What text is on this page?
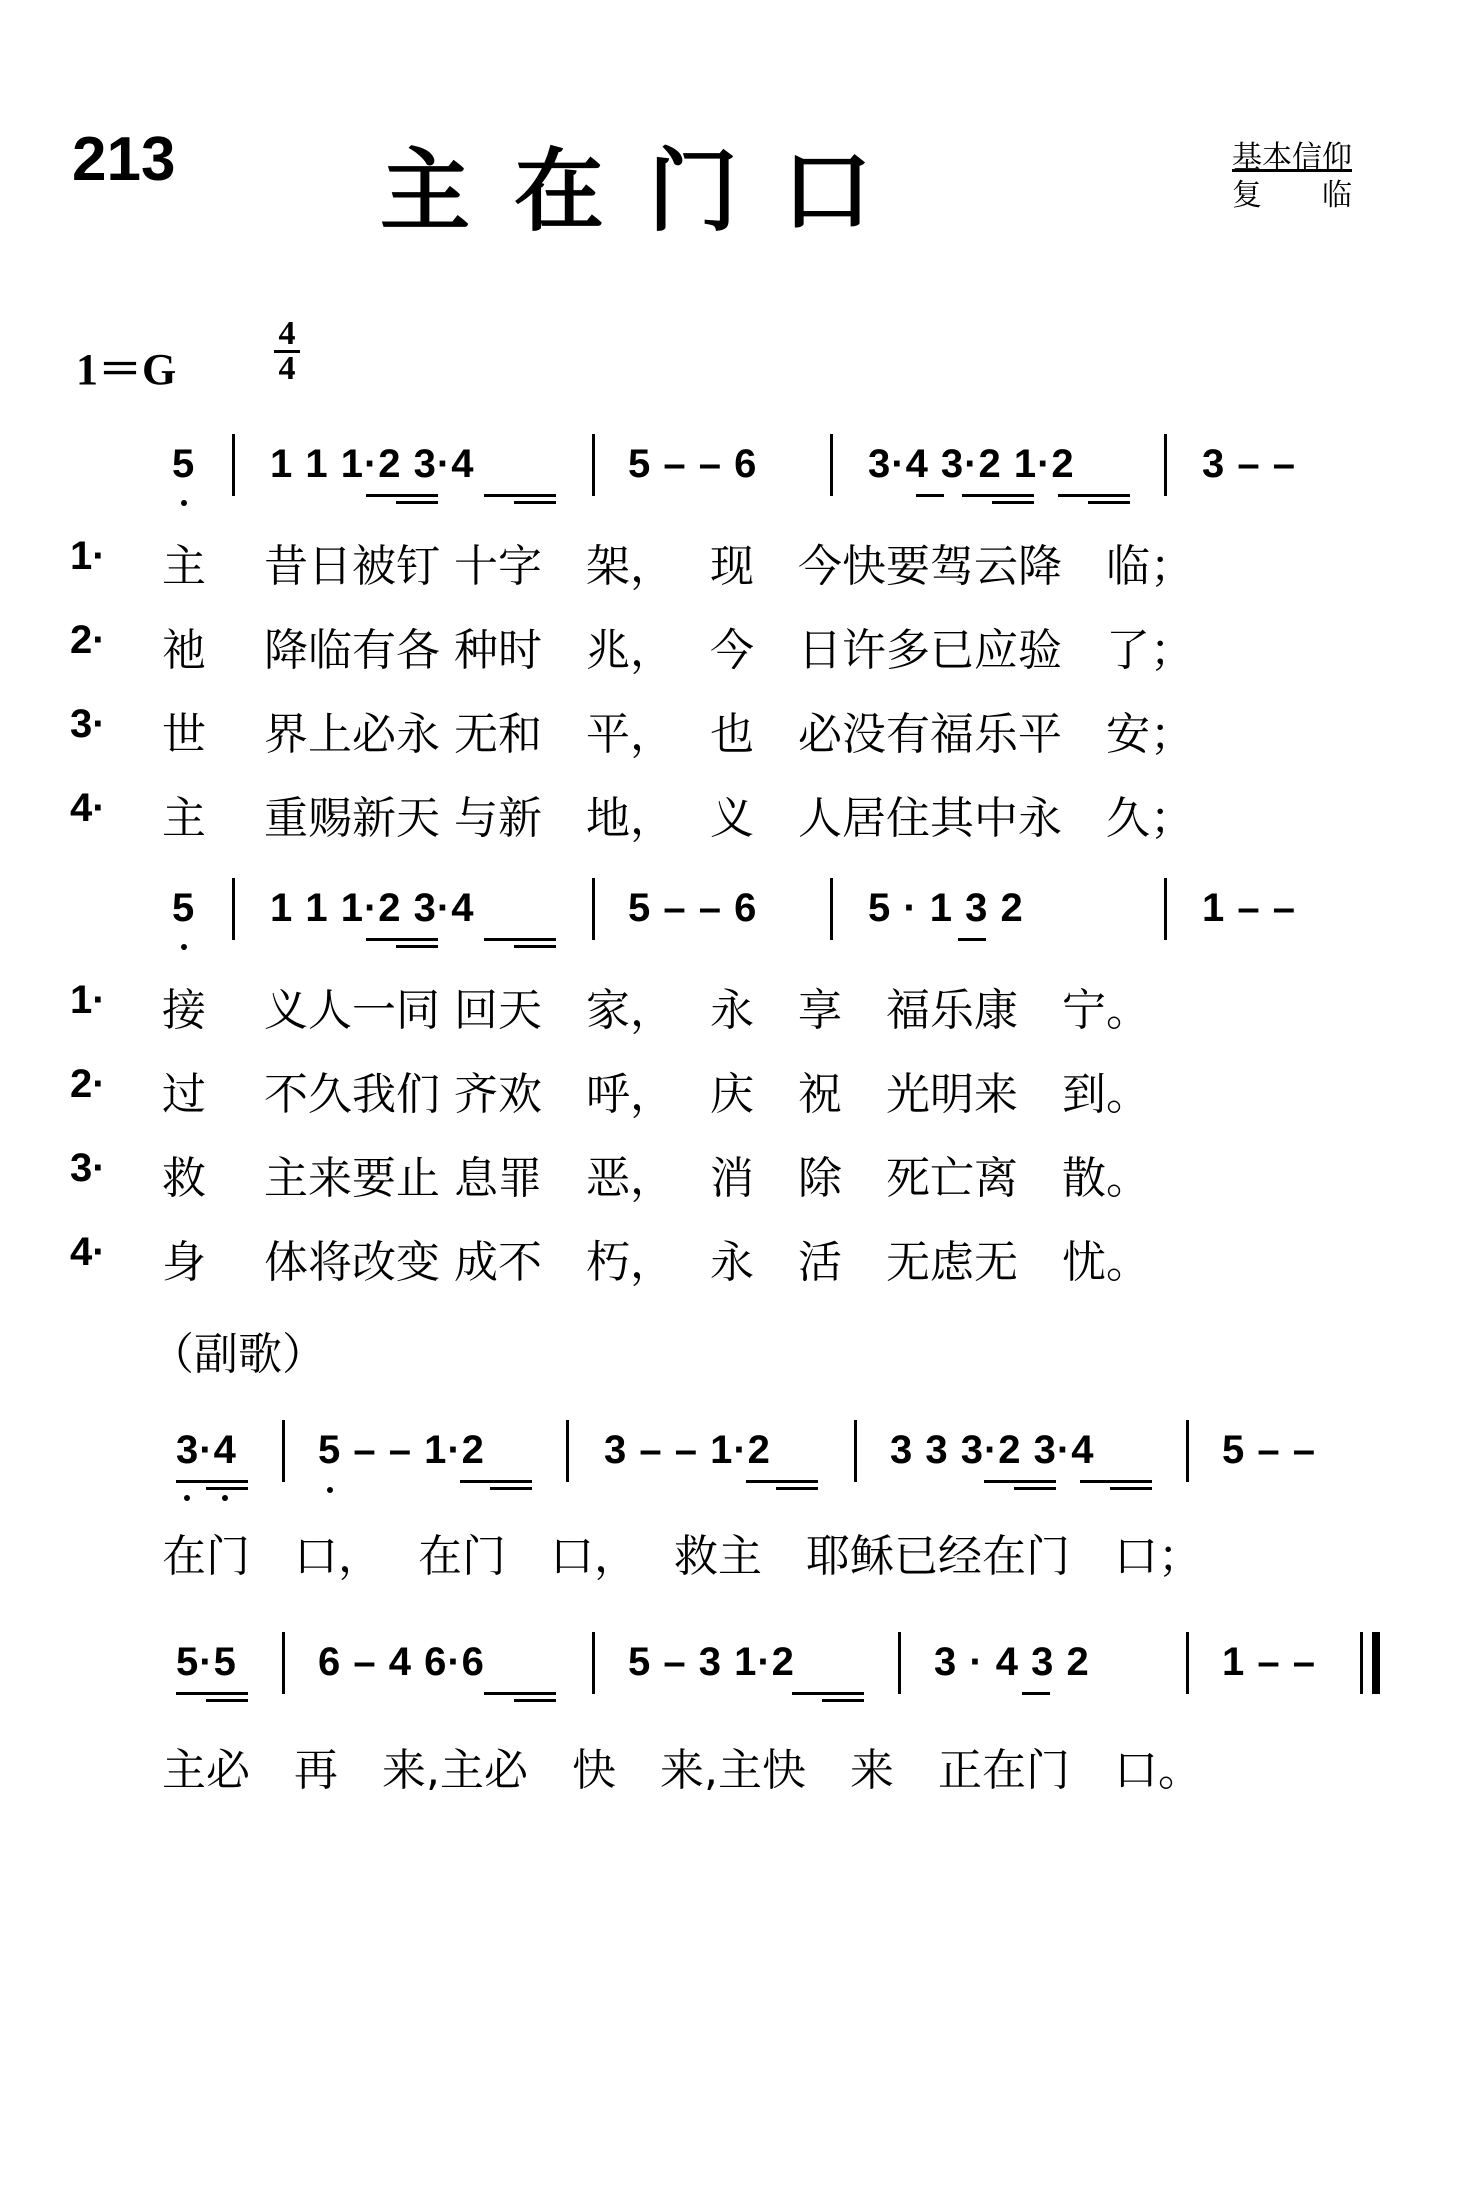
213 主在门口	基本信仰
复　　临
1＝G
4
4
5 1 1 1·2 3·4	5 – – 6	3·4 3·2 1·2	3 – –
1· 主　 昔日被钉 十字　架，　 现　今快要驾云降　临；
2· 祂　 降临有各 种时　兆，　 今　日许多已应验　了；
3· 世　 界上必永 无和　平，　 也　必没有福乐平　安；
4· 主　 重赐新天 与新　地，　 义　人居住其中永　久；
5 1 1 1·2 3·4	5 – – 6	5 · 1 3 2	1 – –
1· 接　 义人一同 回天　家，　 永　享　福乐康　宁。
2· 过　 不久我们 齐欢　呼，　 庆　祝　光明来　到。
3· 救　 主来要止 息罪　恶，　 消　除　死亡离　散。
4· 身　 体将改变 成不　朽，　 永　活　无虑无　忧。
（副歌）
3·4 5 – – 1·2	3 – – 1·2	3 3 3·2 3·4	5 – –
在门　口，　 在门　口，　 救主　耶稣已经在门　口；
5·5 6 – 4 6·6	5 – 3 1·2	3 · 4 3 2	1 – –
主必　再　来,主必　快　来,主快　来　正在门　口。
